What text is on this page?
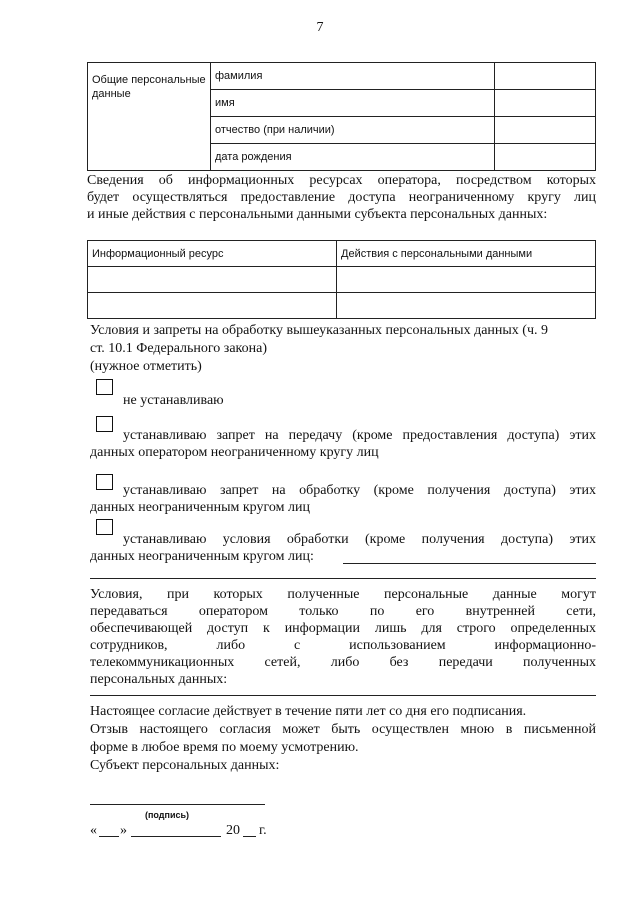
7
Общие персональные данные	фамилия	
	имя	
	отчество (при наличии)	
	дата рождения	
Сведения об информационных ресурсах оператора, посредством которых
будет осуществляться предоставление доступа неограниченному кругу лиц
и иные действия с персональными данными субъекта персональных данных:
Информационный ресурс	Действия с персональными данными

Условия и запреты на обработку вышеуказанных персональных данных (ч. 9
ст. 10.1 Федерального закона)
(нужное отметить)
не устанавливаю
устанавливаю запрет на передачу (кроме предоставления доступа) этих
данных оператором неограниченному кругу лиц
устанавливаю запрет на обработку (кроме получения доступа) этих
данных неограниченным кругом лиц
устанавливаю условия обработки (кроме получения доступа) этих
данных неограниченным кругом лиц:
Условия, при которых полученные персональные данные могут
передаваться оператором только по его внутренней сети,
обеспечивающей доступ к информации лишь для строго определенных
сотрудников, либо с использованием информационно-
телекоммуникационных сетей, либо без передачи полученных
персональных данных:
Настоящее согласие действует в течение пяти лет со дня его подписания.
Отзыв настоящего согласия может быть осуществлен мною в письменной
форме в любое время по моему усмотрению.
Субъект персональных данных:
(подпись)
« »	20 г.
